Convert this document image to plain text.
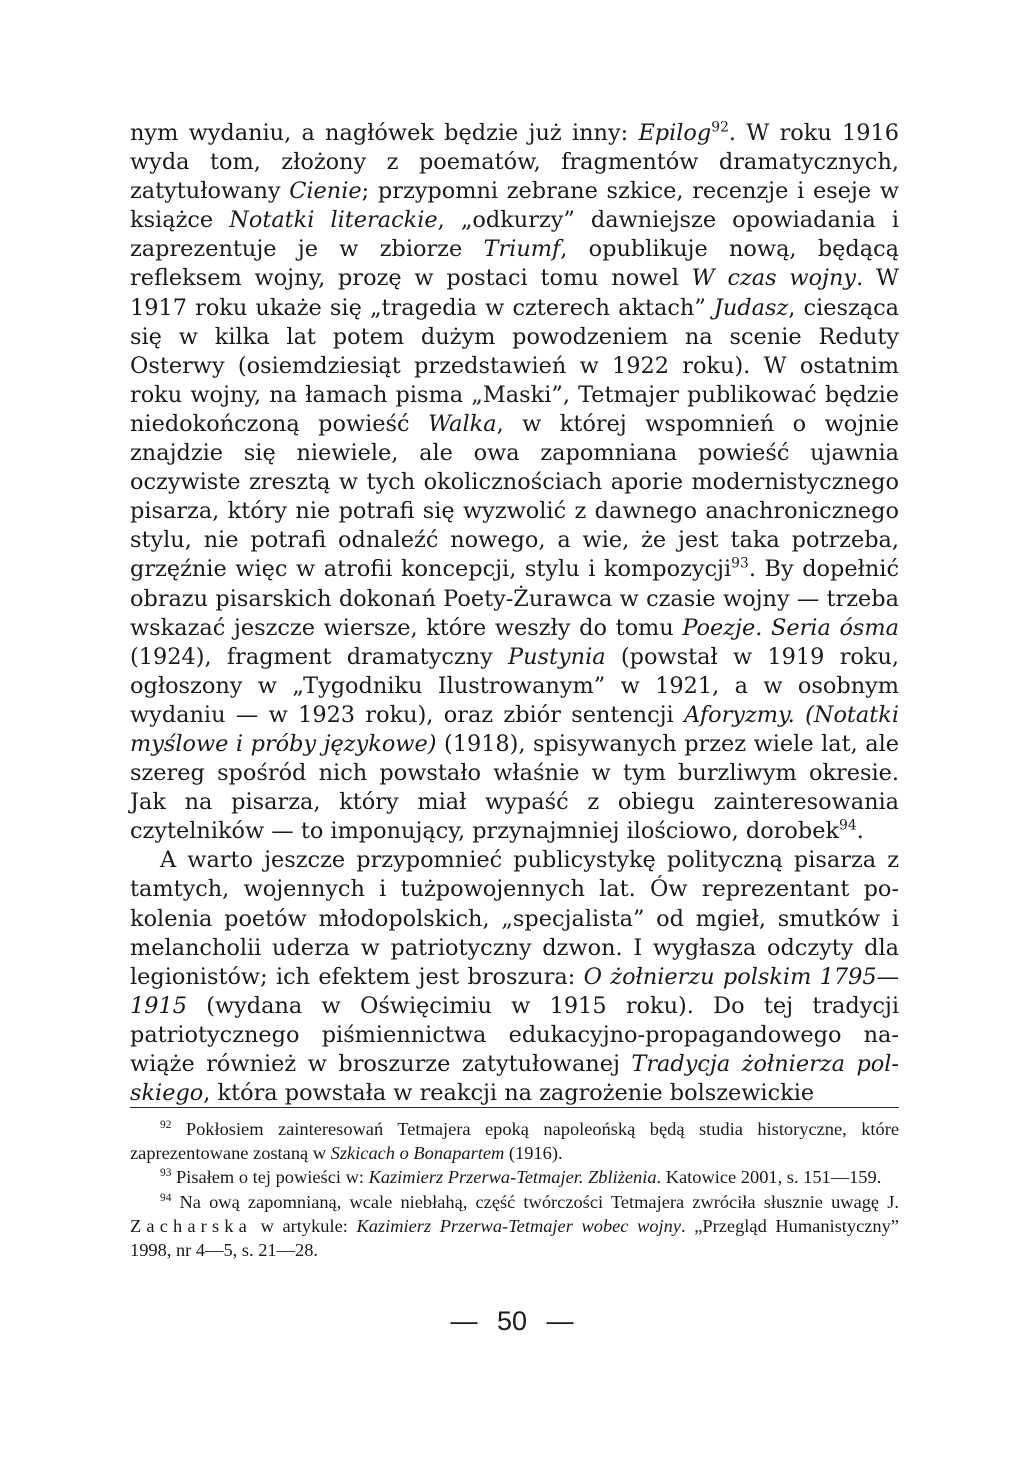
nym wydaniu, a nagłówek będzie już inny: Epilog$^{92}$. W roku 1916 wyda tom, złożony z poematów, fragmentów dramatycznych, zatytułowany Cienie; przypomni zebrane szkice, recenzje i eseje w książce Notatki literackie, „odkurzy” dawniejsze opowiadania i zaprezentuje je w zbiorze Triumf, opublikuje nową, będącą refleksem wojny, prozę w postaci tomu nowel W czas wojny. W 1917 roku ukaże się „tragedia w czterech aktach” Judasz, ciesząca się w kilka lat potem dużym powodzeniem na scenie Reduty Osterwy (osiemdziesiąt przedstawień w 1922 roku). W ostatnim roku wojny, na łamach pisma „Maski”, Tetmajer publikować będzie niedokończoną powieść Walka, w której wspomnień o wojnie znajdzie się niewiele, ale owa zapomniana powieść ujawnia oczywiste zresztą w tych okolicznościach aporie modernistycznego pisarza, który nie potrafi się wyzwolić z dawnego anachronicznego stylu, nie potrafi odnaleźć nowego, a wie, że jest taka potrzeba, grzęźnie więc w atrofii koncepcji, stylu i kompozycji$^{93}$. By dopełnić obrazu pisarskich dokonań Poety-Żurawca w czasie wojny — trzeba wskazać jeszcze wiersze, które weszły do tomu Poezje. Seria ósma (1924), fragment dramatyczny Pustynia (powstał w 1919 roku, ogłoszony w „Tygodniku Ilustrowanym” w 1921, a w osobnym wydaniu — w 1923 roku), oraz zbiór sentencji Aforyzmy. (Notatki myślowe i próby językowe) (1918), spisywanych przez wiele lat, ale szereg spośród nich powstało właśnie w tym burzliwym okresie. Jak na pisarza, który miał wypaść z obiegu zainteresowania czytelników — to imponujący, przynajmniej ilościowo, dorobek$^{94}$.

A warto jeszcze przypomnieć publicystykę polityczną pisarza z tamtych, wojennych i tużpowojennych lat. Ów reprezentant pokolenia poetów młodopolskich, „specjalista” od mgieł, smutków i melancholii uderza w patriotyczny dzwon. I wygłasza odczyty dla legionistów; ich efektem jest broszura: O żołnierzu polskim 1795—1915 (wydana w Oświęcimiu w 1915 roku). Do tej tradycji patriotycznego piśmiennictwa edukacyjno-propagandowego nawiąże również w broszurze zatytułowanej Tradycja żołnierza polskiego, która powstała w reakcji na zagrożenie bolszewickie

$^{92}$ Pokłosiem zainteresowań Tetmajera epoką napoleońską będą studia historyczne, które zaprezentowane zostaną w Szkicach o Bonapartem (1916).

$^{93}$ Pisałem o tej powieści w: Kazimierz Przerwa-Tetmajer. Zbliżenia. Katowice 2001, s. 151—159.

$^{94}$ Na ową zapomnianą, wcale niebłahą, część twórczości Tetmajera zwróciła słusznie uwagę J. Zacharska w artykule: Kazimierz Przerwa-Tetmajer wobec wojny. „Przegląd Humanistyczny” 1998, nr 4—5, s. 21—28.

— 50 —
